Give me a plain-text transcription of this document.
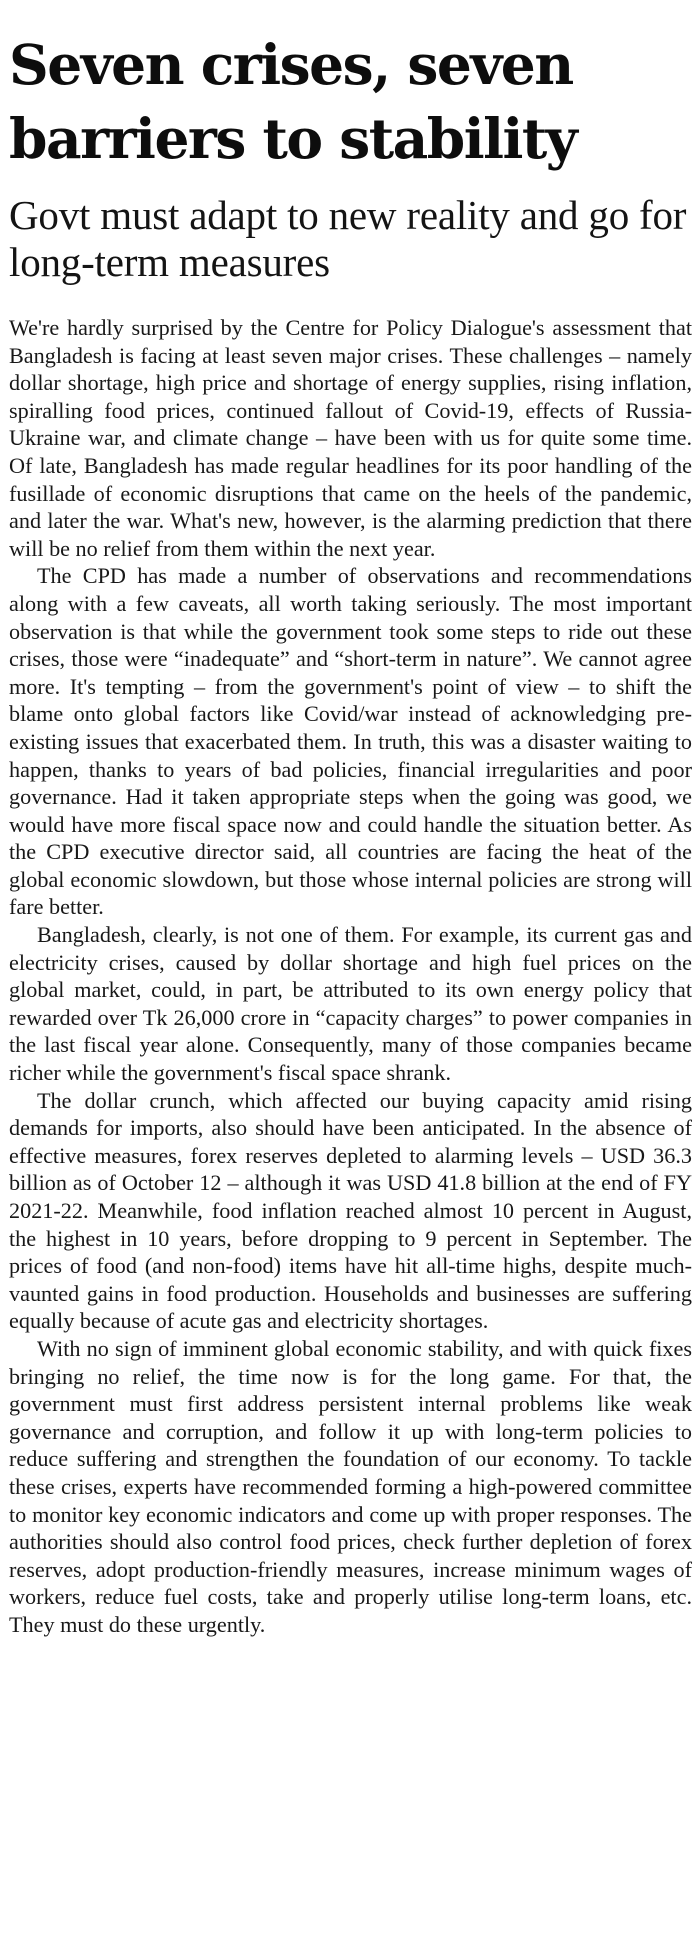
Seven crises, seven barriers to stability
Govt must adapt to new reality and go for long-term measures

We're hardly surprised by the Centre for Policy Dialogue's assessment that Bangladesh is facing at least seven major crises. These challenges – namely dollar shortage, high price and shortage of energy supplies, rising inflation, spiralling food prices, continued fallout of Covid-19, effects of Russia-Ukraine war, and climate change – have been with us for quite some time. Of late, Bangladesh has made regular headlines for its poor handling of the fusillade of economic disruptions that came on the heels of the pandemic, and later the war. What's new, however, is the alarming prediction that there will be no relief from them within the next year.

The CPD has made a number of observations and recommendations along with a few caveats, all worth taking seriously. The most important observation is that while the government took some steps to ride out these crises, those were “inadequate” and “short-term in nature”. We cannot agree more. It's tempting – from the government's point of view – to shift the blame onto global factors like Covid/war instead of acknowledging pre-existing issues that exacerbated them. In truth, this was a disaster waiting to happen, thanks to years of bad policies, financial irregularities and poor governance. Had it taken appropriate steps when the going was good, we would have more fiscal space now and could handle the situation better. As the CPD executive director said, all countries are facing the heat of the global economic slowdown, but those whose internal policies are strong will fare better.

Bangladesh, clearly, is not one of them. For example, its current gas and electricity crises, caused by dollar shortage and high fuel prices on the global market, could, in part, be attributed to its own energy policy that rewarded over Tk 26,000 crore in “capacity charges” to power companies in the last fiscal year alone. Consequently, many of those companies became richer while the government's fiscal space shrank.

The dollar crunch, which affected our buying capacity amid rising demands for imports, also should have been anticipated. In the absence of effective measures, forex reserves depleted to alarming levels – USD 36.3 billion as of October 12 – although it was USD 41.8 billion at the end of FY 2021-22. Meanwhile, food inflation reached almost 10 percent in August, the highest in 10 years, before dropping to 9 percent in September. The prices of food (and non-food) items have hit all-time highs, despite much-vaunted gains in food production. Households and businesses are suffering equally because of acute gas and electricity shortages.

With no sign of imminent global economic stability, and with quick fixes bringing no relief, the time now is for the long game. For that, the government must first address persistent internal problems like weak governance and corruption, and follow it up with long-term policies to reduce suffering and strengthen the foundation of our economy. To tackle these crises, experts have recommended forming a high-powered committee to monitor key economic indicators and come up with proper responses. The authorities should also control food prices, check further depletion of forex reserves, adopt production-friendly measures, increase minimum wages of workers, reduce fuel costs, take and properly utilise long-term loans, etc. They must do these urgently.
